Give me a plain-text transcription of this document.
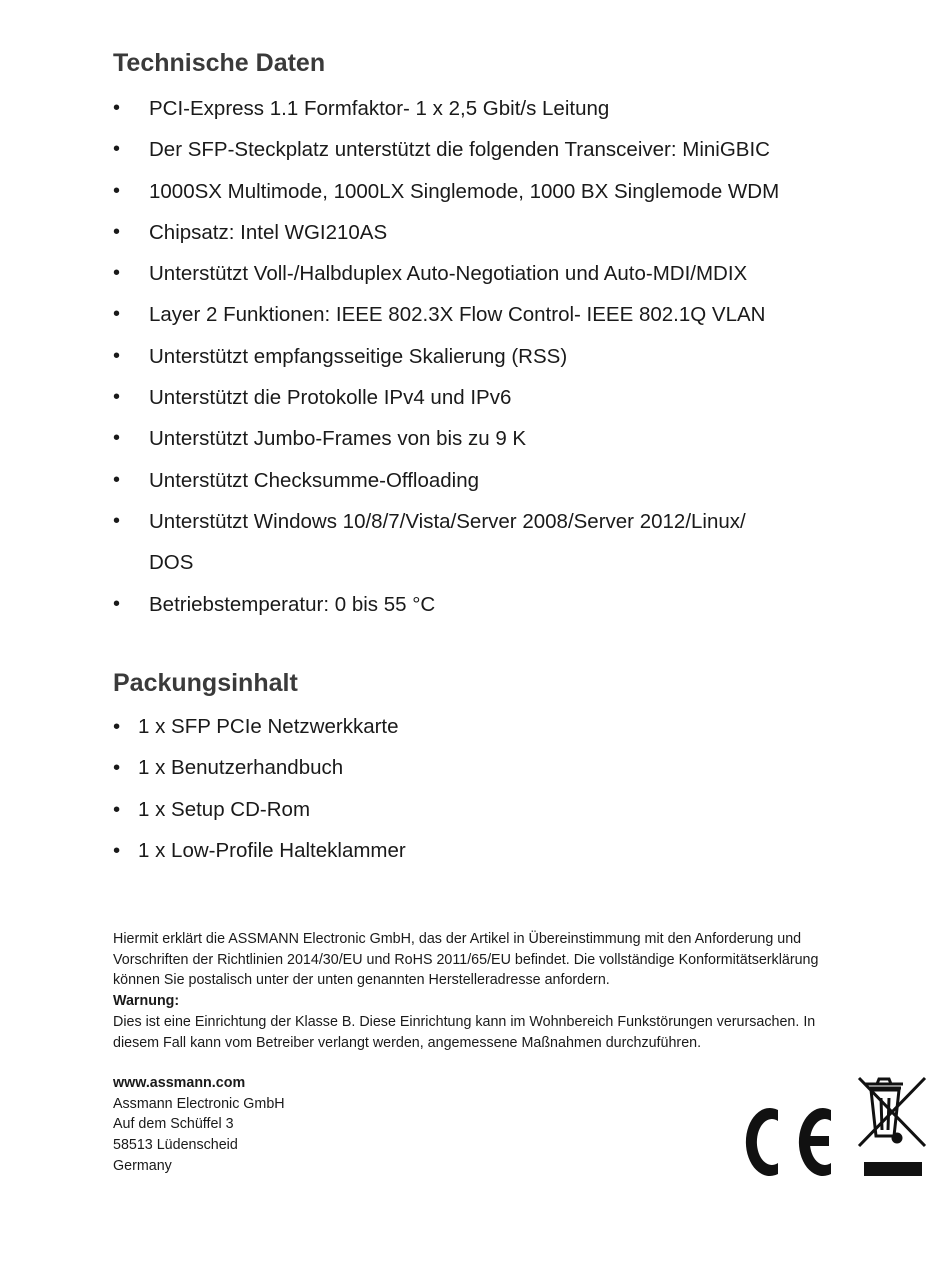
Technische Daten
• PCI-Express 1.1 Formfaktor- 1 x 2,5 Gbit/s Leitung
• Der SFP-Steckplatz unterstützt die folgenden Transceiver: MiniGBIC
• 1000SX Multimode, 1000LX Singlemode, 1000 BX Singlemode WDM
• Chipsatz: Intel WGI210AS
• Unterstützt Voll-/Halbduplex Auto-Negotiation und Auto-MDI/MDIX
• Layer 2 Funktionen: IEEE 802.3X Flow Control- IEEE 802.1Q VLAN
• Unterstützt empfangsseitige Skalierung (RSS)
• Unterstützt die Protokolle IPv4 und IPv6
• Unterstützt Jumbo-Frames von bis zu 9 K
• Unterstützt Checksumme-Offloading
• Unterstützt Windows 10/8/7/Vista/Server 2008/Server 2012/Linux/
DOS
• Betriebstemperatur: 0 bis 55 °C
Packungsinhalt
• 1 x SFP PCIe Netzwerkkarte
• 1 x Benutzerhandbuch
• 1 x Setup CD-Rom
• 1 x Low-Profile Halteklammer

Hiermit erklärt die ASSMANN Electronic GmbH, das der Artikel in Übereinstimmung mit den Anforderung und Vorschriften der Richtlinien 2014/30/EU und RoHS 2011/65/EU befindet. Die vollständige Konformitätserklärung können Sie postalisch unter der unten genannten Herstelleradresse anfordern.

Warnung:

Dies ist eine Einrichtung der Klasse B. Diese Einrichtung kann im Wohnbereich Funkstörungen verursachen. In diesem Fall kann vom Betreiber verlangt werden, angemessene Maßnahmen durchzuführen.

www.assmann.com
Assmann Electronic GmbH
Auf dem Schüffel 3
58513 Lüdenscheid
Germany
